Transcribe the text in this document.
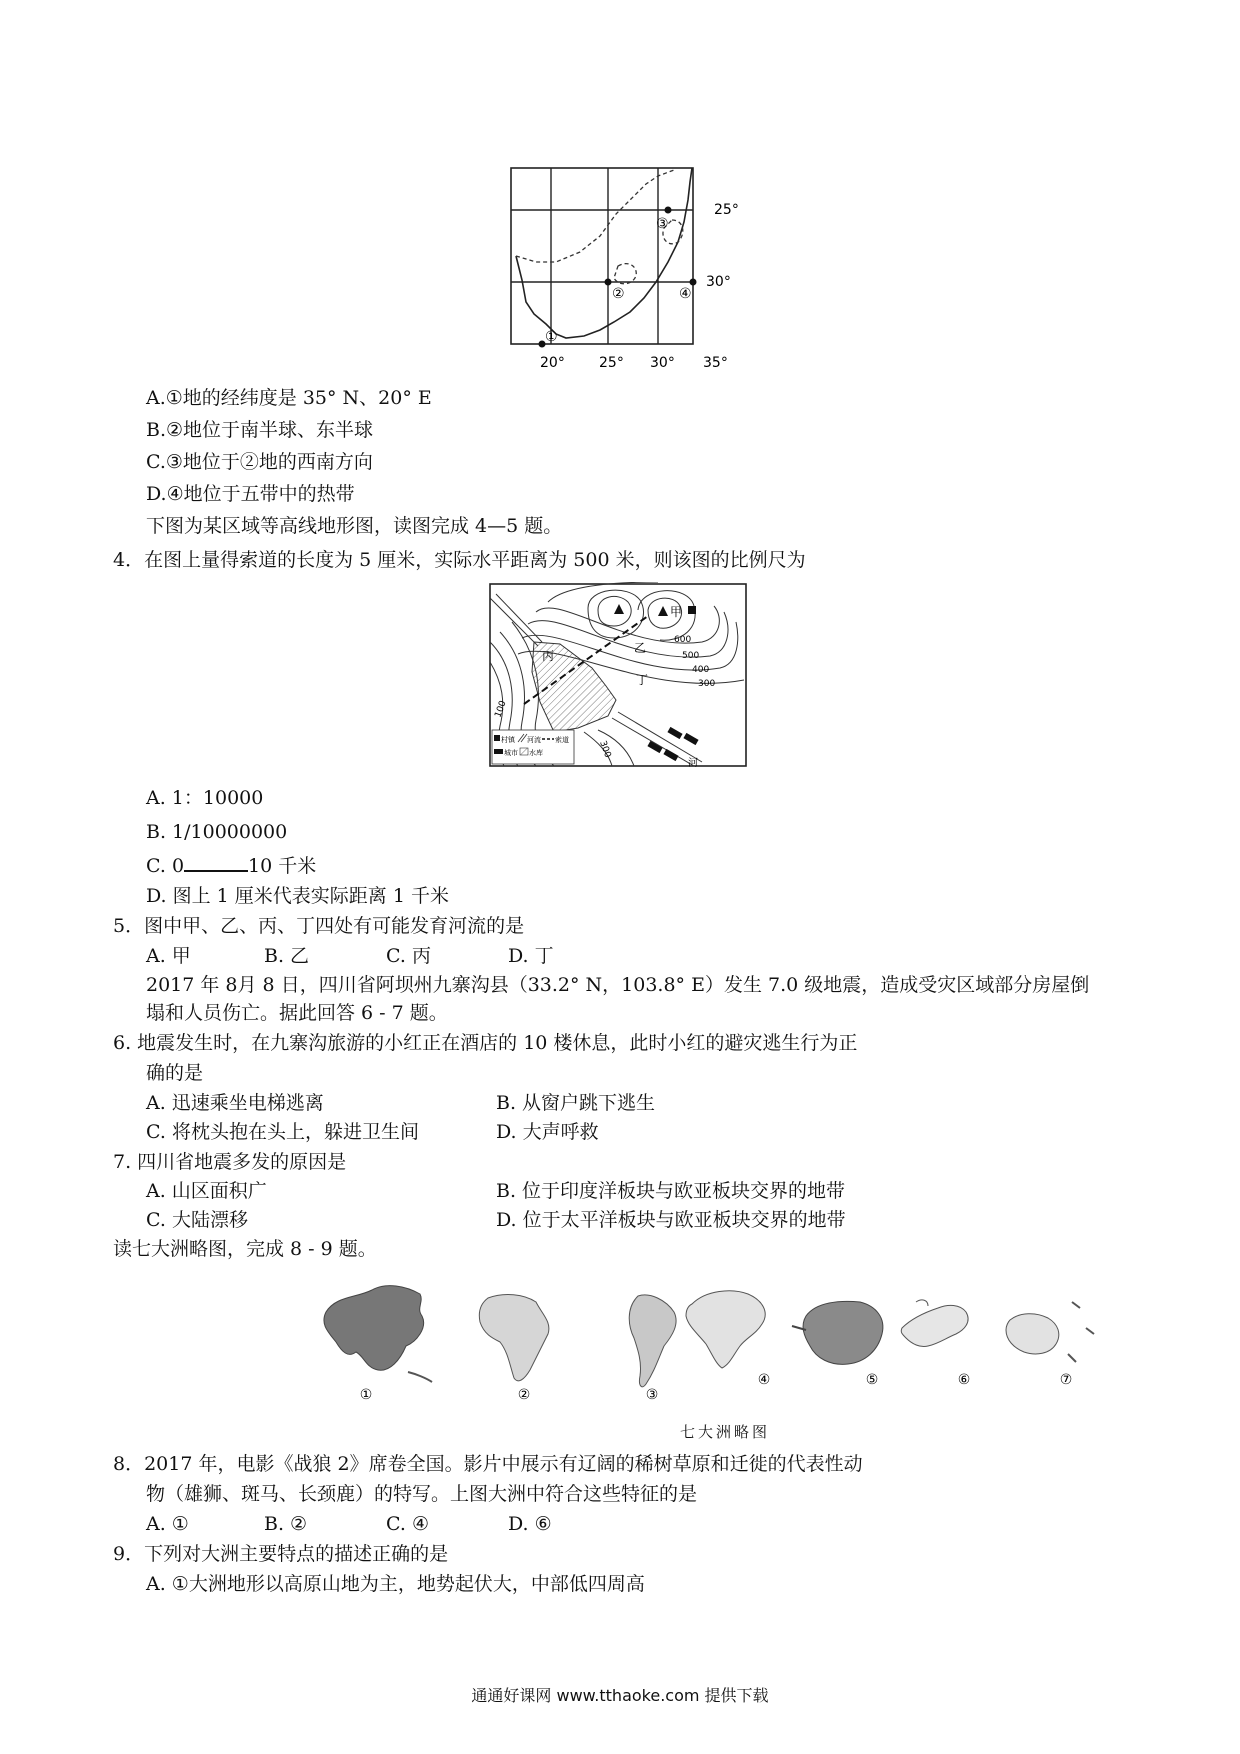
①
②
③
④
25°
30°
20° 25° 30° 35°
A.①地的经纬度是 35° N、20° E
B.②地位于南半球、东半球
C.③地位于②地的西南方向
D.④地位于五带中的热带
下图为某区域等高线地形图，读图完成 4—5 题。
4．在图上量得索道的长度为 5 厘米，实际水平距离为 500 米，则该图的比例尺为
甲
乙
丙
丁
河
600
500
400
300
100
300
村镇 河流 索道
城市 水库
A. 1：10000
B. 1/10000000
C. 0	10 千米
D. 图上 1 厘米代表实际距离 1 千米
5．图中甲、乙、丙、丁四处有可能发育河流的是
A. 甲	B. 乙	C. 丙	D. 丁
2017 年 8月 8 日，四川省阿坝州九寨沟县（33.2° N，103.8° E）发生 7.0 级地震，造成受灾区域部分房屋倒
塌和人员伤亡。据此回答 6 - 7 题。
6. 地震发生时，在九寨沟旅游的小红正在酒店的 10 楼休息，此时小红的避灾逃生行为正
确的是
A. 迅速乘坐电梯逃离	B. 从窗户跳下逃生
C. 将枕头抱在头上，躲进卫生间	D. 大声呼救
7. 四川省地震多发的原因是
A. 山区面积广	B. 位于印度洋板块与欧亚板块交界的地带
C. 大陆漂移	D. 位于太平洋板块与欧亚板块交界的地带
读七大洲略图，完成 8 - 9 题。
①	②	③
④	⑤	⑥	⑦
七大洲略图
8．2017 年，电影《战狼 2》席卷全国。影片中展示有辽阔的稀树草原和迁徙的代表性动
物（雄狮、斑马、长颈鹿）的特写。上图大洲中符合这些特征的是
A. ①	B. ②	C. ④	D. ⑥
9．下列对大洲主要特点的描述正确的是
A. ①大洲地形以高原山地为主，地势起伏大，中部低四周高
通通好课网 www.tthaoke.com 提供下载
